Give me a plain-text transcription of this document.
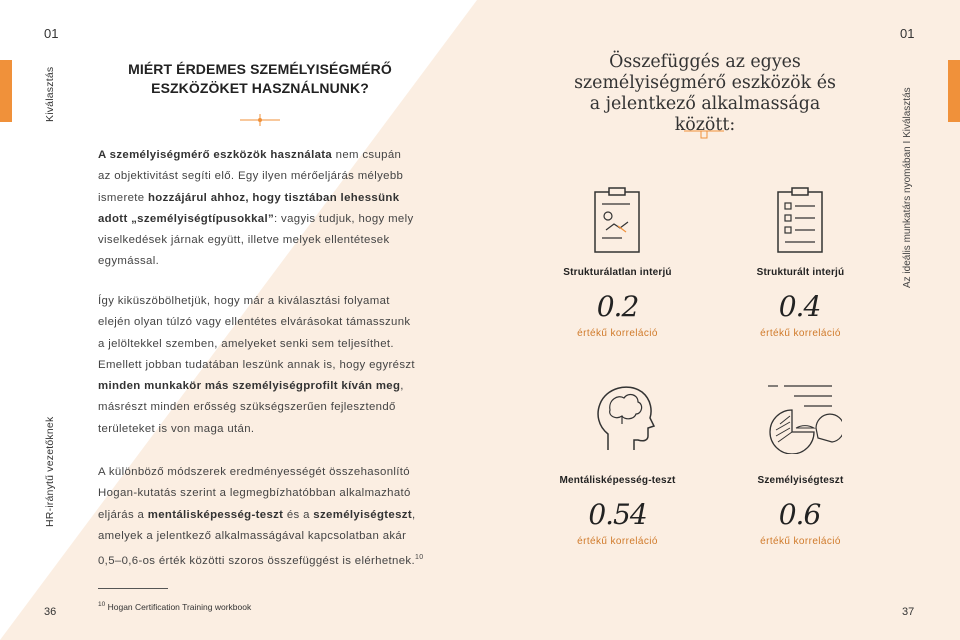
01
Kiválasztás
HR-iránytű vezetőknek
MIÉRT ÉRDEMES SZEMÉLYISÉGMÉRŐ
ESZKÖZÖKET HASZNÁLNUNK?
A személyiségmérő eszközök használata nem csupán
az objektivitást segíti elő. Egy ilyen mérőeljárás mélyebb
ismerete hozzájárul ahhoz, hogy tisztában lehessünk
adott „személyiségtípusokkal”: vagyis tudjuk, hogy mely
viselkedések járnak együtt, illetve melyek ellentétesek
egymással.
Így kiküszöbölhetjük, hogy már a kiválasztási folyamat
elején olyan túlzó vagy ellentétes elvárásokat támasszunk
a jelöltekkel szemben, amelyeket senki sem teljesíthet.
Emellett jobban tudatában leszünk annak is, hogy egyrészt
minden munkakör más személyiségprofilt kíván meg,
másrészt minden erősség szükségszerűen fejlesztendő
területeket is von maga után.
A különböző módszerek eredményességét összehasonlító
Hogan-kutatás szerint a legmegbízhatóbban alkalmazható
eljárás a mentálisképesség-teszt és a személyiségteszt,
amelyek a jelentkező alkalmasságával kapcsolatban akár
0,5–0,6-os érték közötti szoros összefüggést is elérhetnek.$^{10}$
$^{10}$ Hogan Certification Training workbook
36
01
Az ideális munkatárs nyomában I Kiválasztás
Összefüggés az egyes
személyiségmérő eszközök és
a jelentkező alkalmassága között:
Strukturálatlan interjú
0.2
értékű korreláció
Strukturált interjú
0.4
értékű korreláció
Mentálisképesség-teszt
0.54
értékű korreláció
Személyiségteszt
0.6
értékű korreláció
37
